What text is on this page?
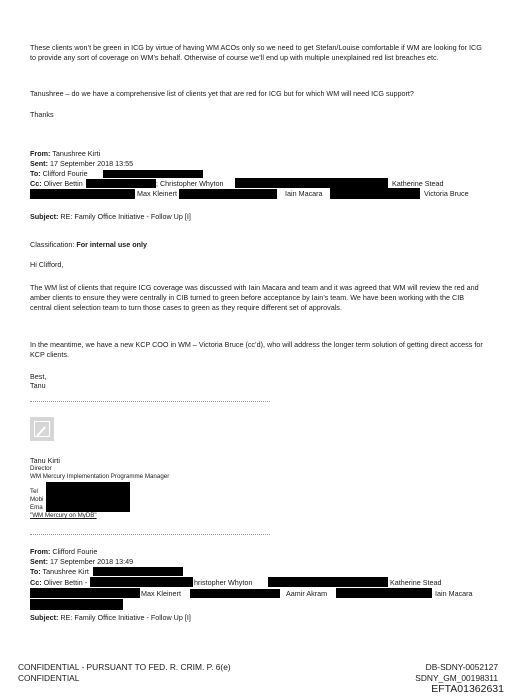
These clients won’t be green in ICG by virtue of having WM ACOs only so we need to get Stefan/Louise comfortable if WM are looking for ICG to provide any sort of coverage on WM’s behalf. Otherwise of course we’ll end up with multiple unexplained red list breaches etc.
Tanushree – do we have a comprehensive list of clients yet that are red for ICG but for which WM will need ICG support?
Thanks
From: Tanushree Kirti
Sent: 17 September 2018 13:55
To: Clifford Fourie
Cc: Oliver Bettin	; Christopher Whyton	Katherine Stead
Max Kleinert	Iain Macara	Victoria Bruce
Subject: RE: Family Office Initiative - Follow Up [I]
Classification: For internal use only
Hi Clifford,
The WM list of clients that require ICG coverage was discussed with Iain Macara and team and it was agreed that WM will review the red and amber clients to ensure they were centrally in CIB turned to green before acceptance by Iain’s team. We have been working with the CIB central client selection team to turn those cases to green as they require different set of approvals.
In the meantime, we have a new KCP COO in WM – Victoria Bruce (cc’d), who will address the longer term solution of getting direct access for KCP clients.
Best,
Tanu
Tanu Kirti
Director
WM Mercury Implementation Programme Manager
Tel
Mobi
Ema
"WM Mercury on MyDB"
From: Clifford Fourie
Sent: 17 September 2018 13:49
To: Tanushree Kirt
Cc: Oliver Bettin -	hristopher Whyton	Katherine Stead
Max Kleinert	Aamir Akram	Iain Macara
Subject: RE: Family Office Initiative - Follow Up [I]
CONFIDENTIAL - PURSUANT TO FED. R. CRIM. P. 6(e)
CONFIDENTIAL
DB-SDNY-0052127
SDNY_GM_00198311
EFTA01362631
